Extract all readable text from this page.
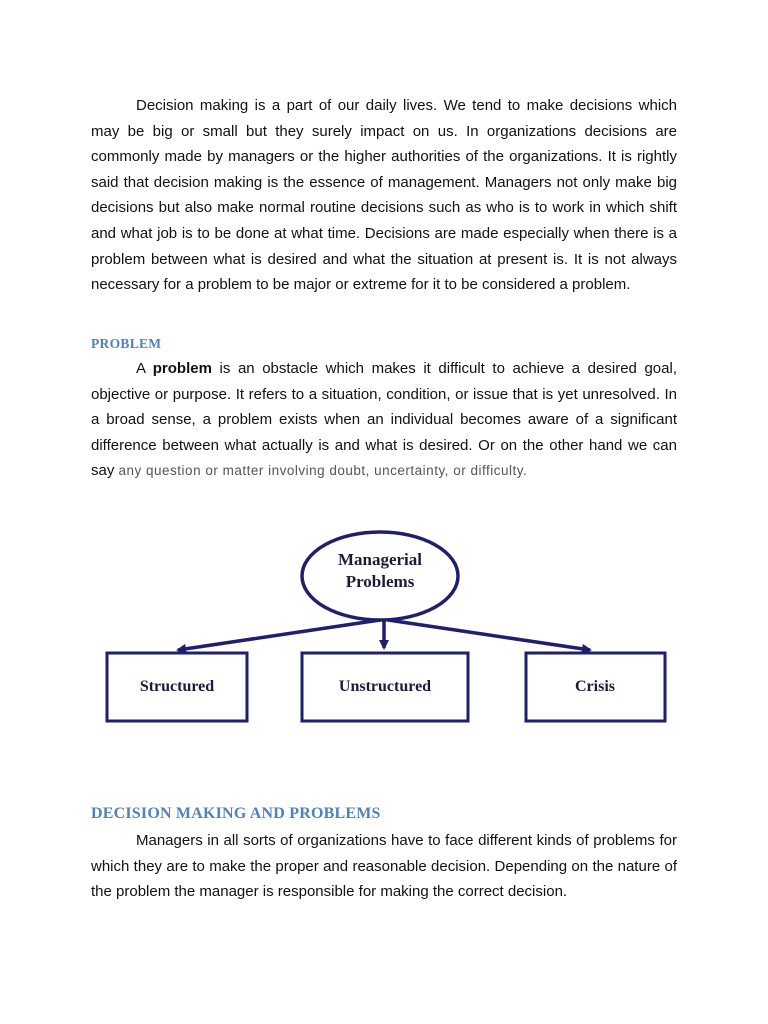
Decision making is a part of our daily lives. We tend to make decisions which may be big or small but they surely impact on us. In organizations decisions are commonly made by managers or the higher authorities of the organizations. It is rightly said that decision making is the essence of management. Managers not only make big decisions but also make normal routine decisions such as who is to work in which shift and what job is to be done at what time. Decisions are made especially when there is a problem between what is desired and what the situation at present is. It is not always necessary for a problem to be major or extreme for it to be considered a problem.

PROBLEM

A problem is an obstacle which makes it difficult to achieve a desired goal, objective or purpose. It refers to a situation, condition, or issue that is yet unresolved. In a broad sense, a problem exists when an individual becomes aware of a significant difference between what actually is and what is desired. Or on the other hand we can say any question or matter involving doubt, uncertainty, or difficulty.

Managerial
Problems
Structured	Unstructured	Crisis
DECISION MAKING AND PROBLEMS

Managers in all sorts of organizations have to face different kinds of problems for which they are to make the proper and reasonable decision. Depending on the nature of the problem the manager is responsible for making the correct decision.
